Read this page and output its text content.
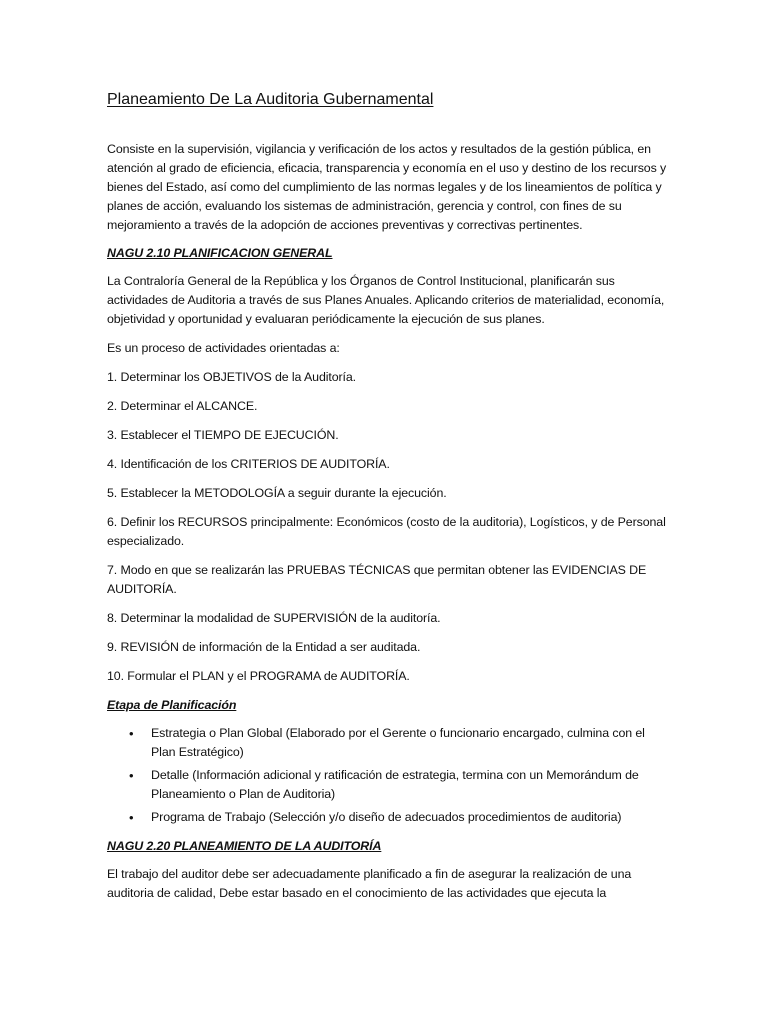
Planeamiento De La Auditoria Gubernamental

Consiste en la supervisión, vigilancia y verificación de los actos y resultados de la gestión pública, en atención al grado de eficiencia, eficacia, transparencia y economía en el uso y destino de los recursos y bienes del Estado, así como del cumplimiento de las normas legales y de los lineamientos de política y planes de acción, evaluando los sistemas de administración, gerencia y control, con fines de su mejoramiento a través de la adopción de acciones preventivas y correctivas pertinentes.

NAGU 2.10 PLANIFICACION GENERAL

La Contraloría General de la República y los Órganos de Control Institucional, planificarán sus actividades de Auditoria a través de sus Planes Anuales. Aplicando criterios de materialidad, economía, objetividad y oportunidad y evaluaran periódicamente la ejecución de sus planes.

Es un proceso de actividades orientadas a:

1. Determinar los OBJETIVOS de la Auditoría.

2. Determinar el ALCANCE.

3. Establecer el TIEMPO DE EJECUCIÓN.

4. Identificación de los CRITERIOS DE AUDITORÍA.

5. Establecer la METODOLOGÍA a seguir durante la ejecución.

6. Definir los RECURSOS principalmente: Económicos (costo de la auditoria), Logísticos, y de Personal especializado.

7. Modo en que se realizarán las PRUEBAS TÉCNICAS que permitan obtener las EVIDENCIAS DE AUDITORÍA.

8. Determinar la modalidad de SUPERVISIÓN de la auditoría.

9. REVISIÓN de información de la Entidad a ser auditada.

10. Formular el PLAN y el PROGRAMA de AUDITORÍA.

Etapa de Planificación

• Estrategia o Plan Global (Elaborado por el Gerente o funcionario encargado, culmina con el Plan Estratégico)
• Detalle (Información adicional y ratificación de estrategia, termina con un Memorándum de Planeamiento o Plan de Auditoria)
• Programa de Trabajo (Selección y/o diseño de adecuados procedimientos de auditoria)

NAGU 2.20 PLANEAMIENTO DE LA AUDITORÍA

El trabajo del auditor debe ser adecuadamente planificado a fin de asegurar la realización de una auditoria de calidad, Debe estar basado en el conocimiento de las actividades que ejecuta la
